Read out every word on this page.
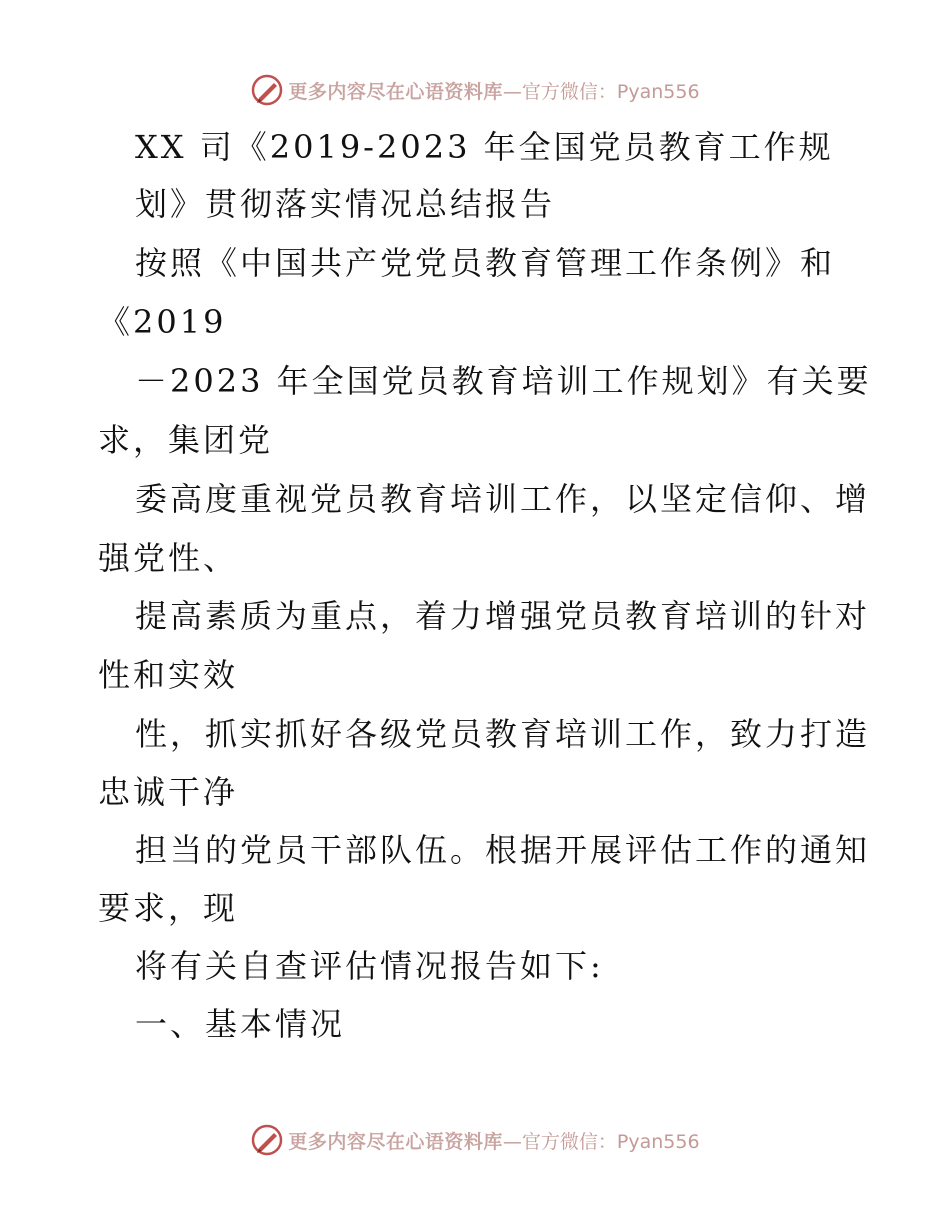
更多内容尽在心语资料库 —官方微信：Pyan556
XX 司《2019-2023 年全国党员教育工作规
划》贯彻落实情况总结报告
按照《中国共产党党员教育管理工作条例》和
《2019
－2023 年全国党员教育培训工作规划》有关要
求，集团党
委高度重视党员教育培训工作，以坚定信仰、增
强党性、
提高素质为重点，着力增强党员教育培训的针对
性和实效
性，抓实抓好各级党员教育培训工作，致力打造
忠诚干净
担当的党员干部队伍。根据开展评估工作的通知
要求，现
将有关自查评估情况报告如下:
一、基本情况
更多内容尽在心语资料库 —官方微信：Pyan556
